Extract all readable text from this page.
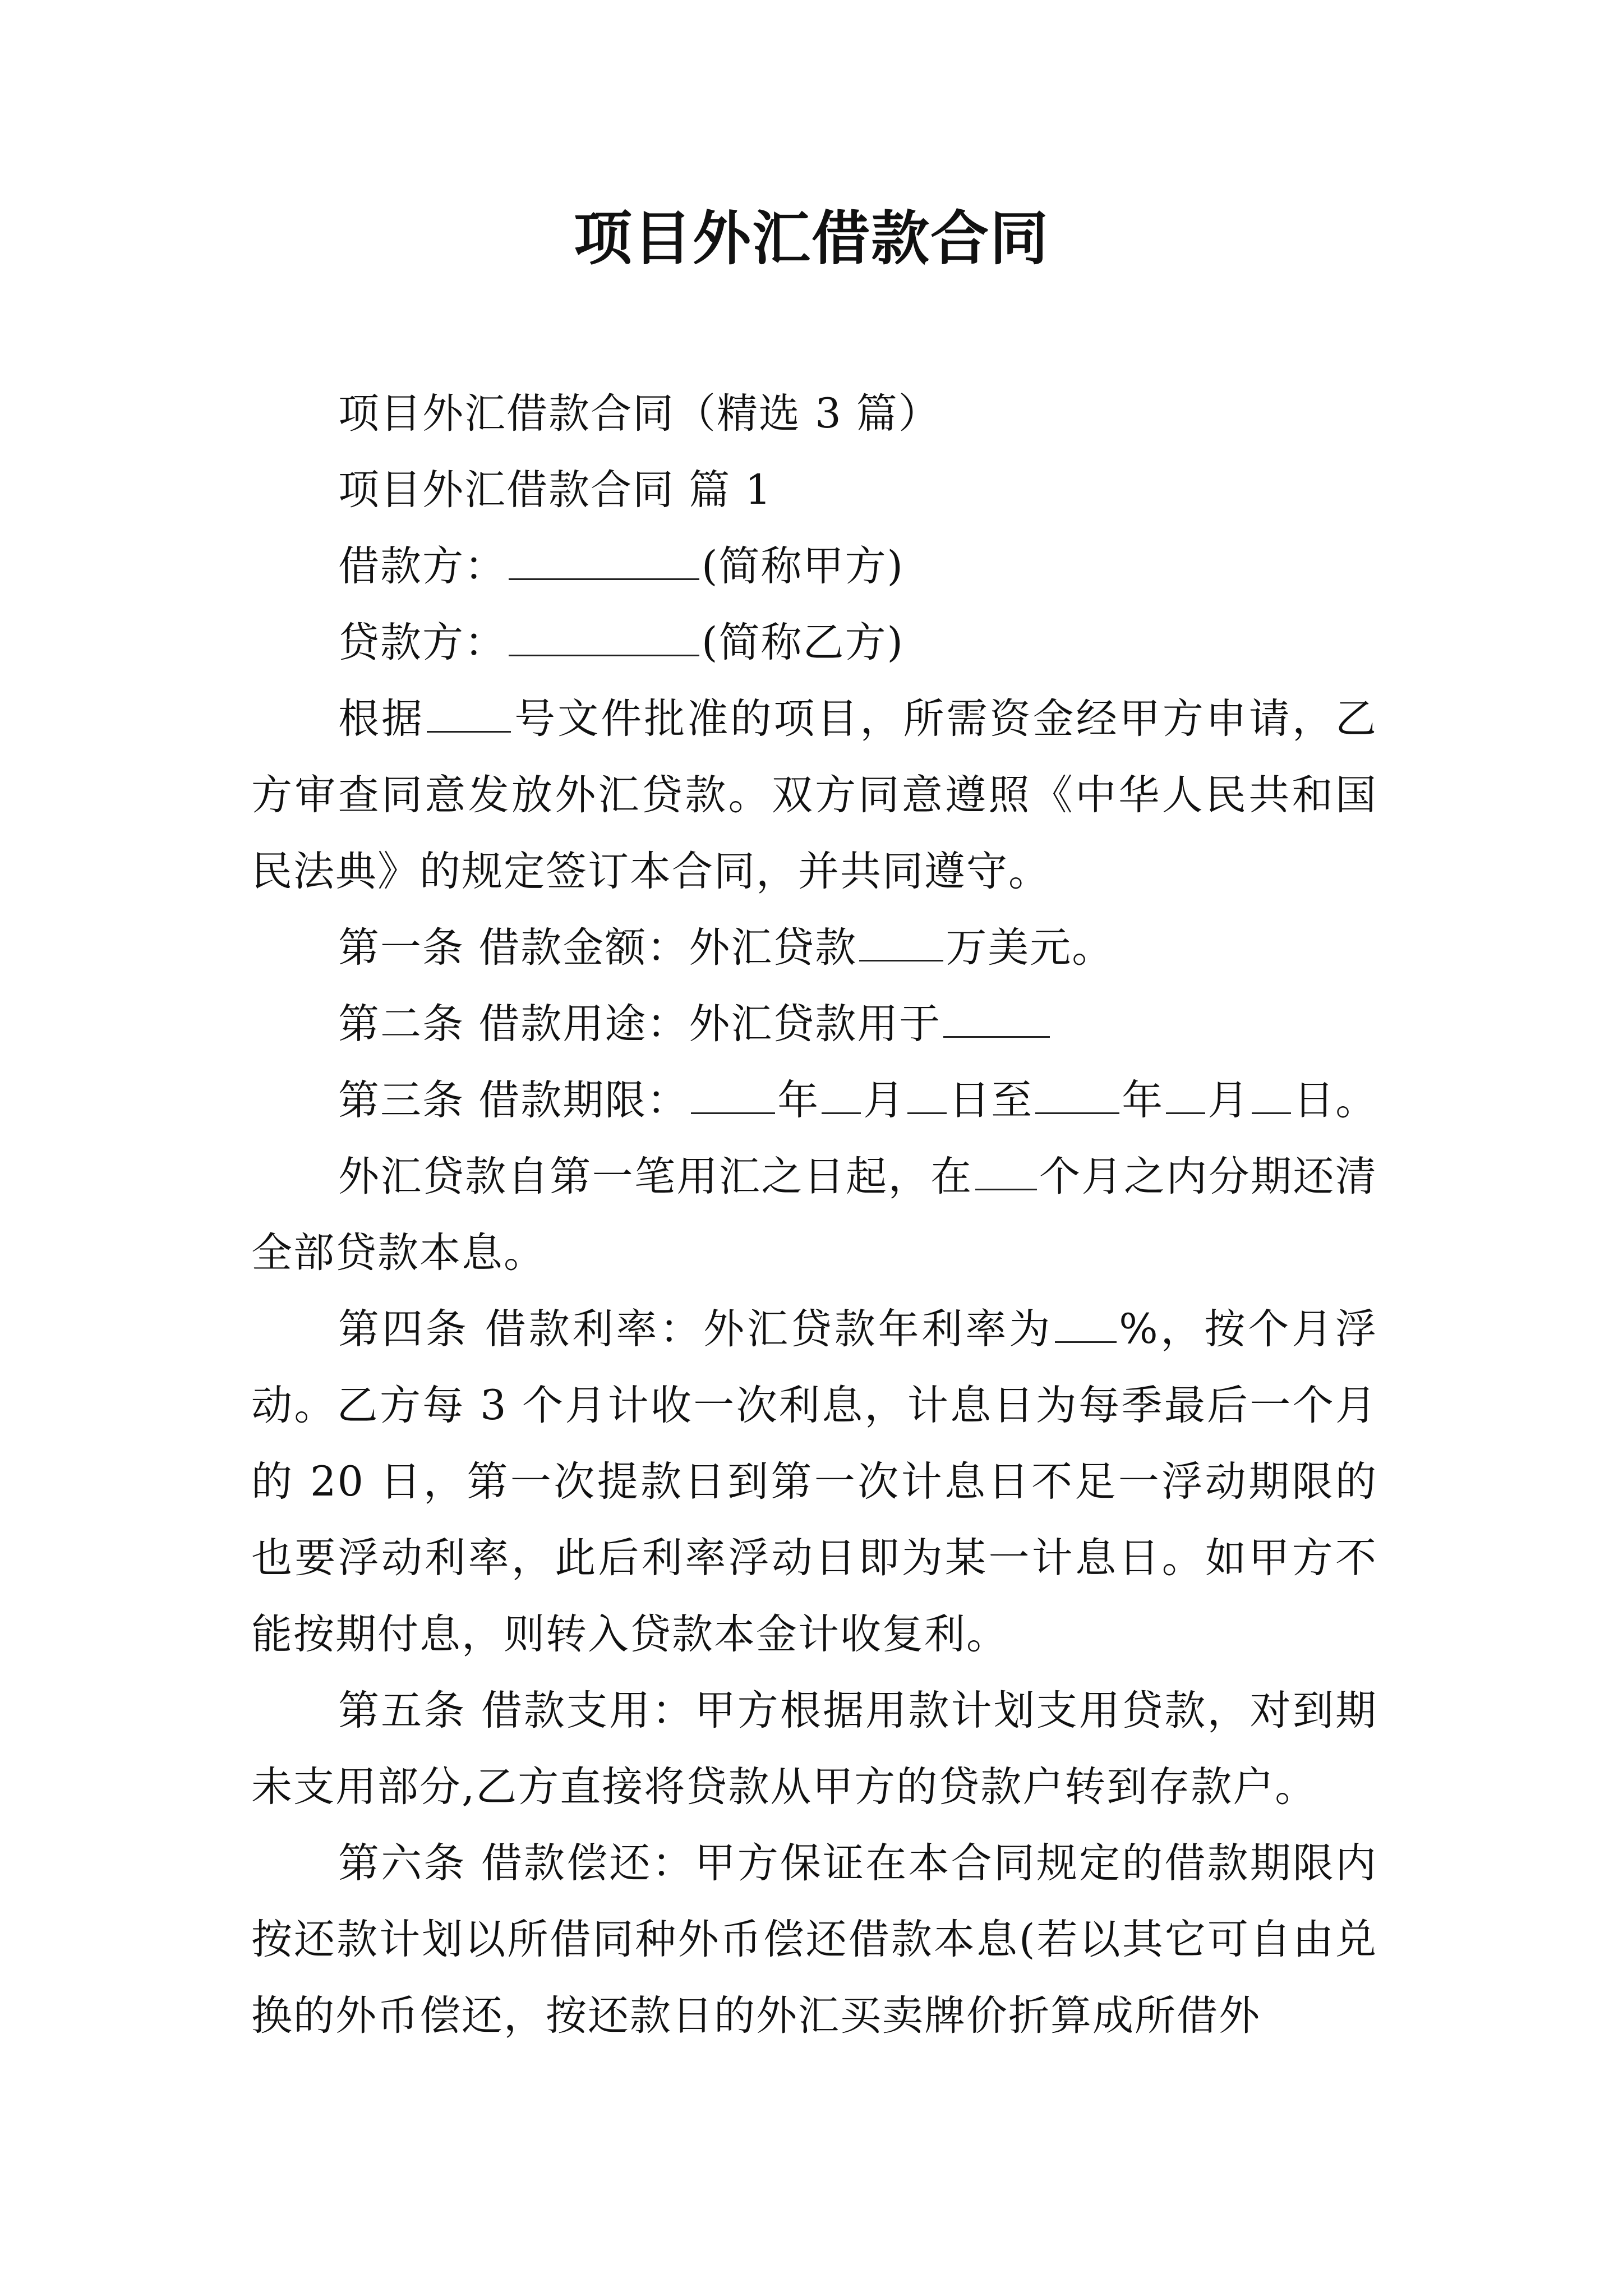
项目外汇借款合同

项目外汇借款合同（精选 3 篇）

项目外汇借款合同 篇 1

借款方：	(简称甲方)

贷款方：	(简称乙方)

根据 号文件批准的项目，所需资金经甲方申请，乙方审查同意发放外汇贷款。双方同意遵照《中华人民共和国民法典》的规定签订本合同，并共同遵守。

第一条 借款金额：外汇贷款 万美元。

第二条 借款用途：外汇贷款用于

第三条 借款期限： 年 月 日至 年 月 日。

外汇贷款自第一笔用汇之日起，在 个月之内分期还清全部贷款本息。

第四条 借款利率：外汇贷款年利率为 %，按个月浮动。乙方每 3 个月计收一次利息，计息日为每季最后一个月的 20 日，第一次提款日到第一次计息日不足一浮动期限的也要浮动利率，此后利率浮动日即为某一计息日。如甲方不能按期付息，则转入贷款本金计收复利。

第五条 借款支用：甲方根据用款计划支用贷款，对到期未支用部分,乙方直接将贷款从甲方的贷款户转到存款户。

第六条 借款偿还：甲方保证在本合同规定的借款期限内按还款计划以所借同种外币偿还借款本息(若以其它可自由兑换的外币偿还，按还款日的外汇买卖牌价折算成所借外
